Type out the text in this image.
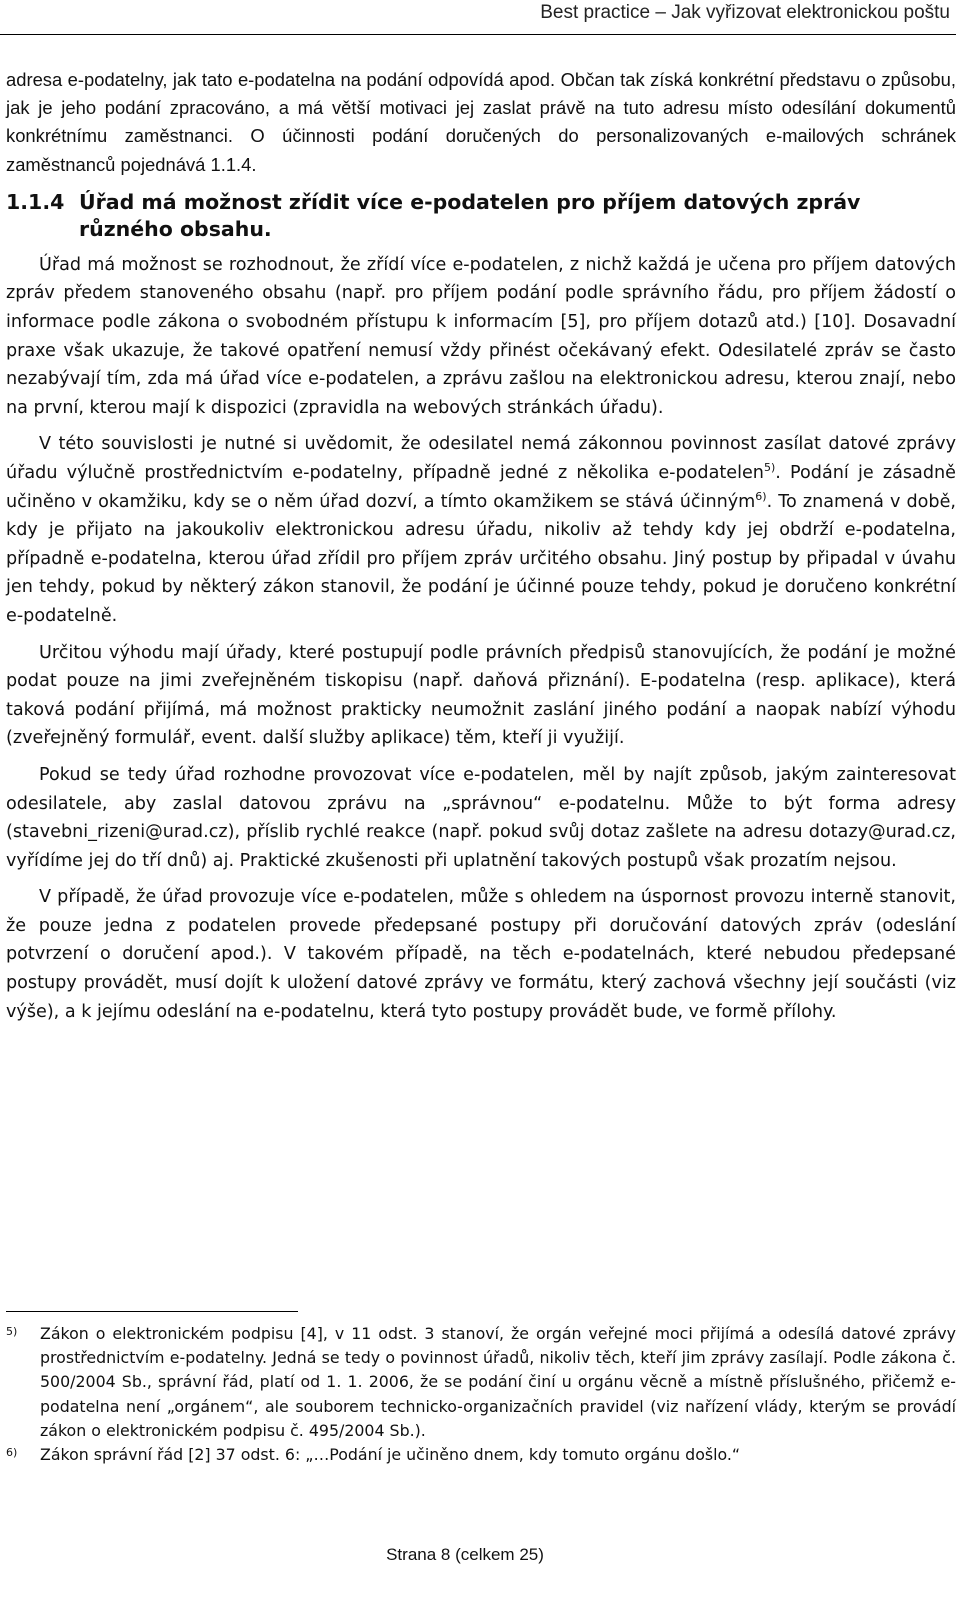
Best practice – Jak vyřizovat elektronickou poštu

adresa e-podatelny, jak tato e-podatelna na podání odpovídá apod. Občan tak získá konkrétní představu o způsobu, jak je jeho podání zpracováno, a má větší motivaci jej zaslat právě na tuto adresu místo odesílání dokumentů konkrétnímu zaměstnanci. O účinnosti podání doručených do personalizovaných e-mailových schránek zaměstnanců pojednává 1.1.4.

1.1.4 Úřad má možnost zřídit více e-podatelen pro příjem datových zpráv různého obsahu.

Úřad má možnost se rozhodnout, že zřídí více e-podatelen, z nichž každá je učena pro příjem datových zpráv předem stanoveného obsahu (např. pro příjem podání podle správního řádu, pro příjem žádostí o informace podle zákona o svobodném přístupu k informacím [5], pro příjem dotazů atd.) [10]. Dosavadní praxe však ukazuje, že takové opatření nemusí vždy přinést očekávaný efekt. Odesilatelé zpráv se často nezabývají tím, zda má úřad více e-podatelen, a zprávu zašlou na elektronickou adresu, kterou znají, nebo na první, kterou mají k dispozici (zpravidla na webových stránkách úřadu).

V této souvislosti je nutné si uvědomit, že odesilatel nemá zákonnou povinnost zasílat datové zprávy úřadu výlučně prostřednictvím e-podatelny, případně jedné z několika e-podatelen$^{5)}$. Podání je zásadně učiněno v okamžiku, kdy se o něm úřad dozví, a tímto okamžikem se stává účinným$^{6)}$. To znamená v době, kdy je přijato na jakoukoliv elektronickou adresu úřadu, nikoliv až tehdy kdy jej obdrží e-podatelna, případně e-podatelna, kterou úřad zřídil pro příjem zpráv určitého obsahu. Jiný postup by připadal v úvahu jen tehdy, pokud by některý zákon stanovil, že podání je účinné pouze tehdy, pokud je doručeno konkrétní e-podatelně.

Určitou výhodu mají úřady, které postupují podle právních předpisů stanovujících, že podání je možné podat pouze na jimi zveřejněném tiskopisu (např. daňová přiznání). E-podatelna (resp. aplikace), která taková podání přijímá, má možnost prakticky neumožnit zaslání jiného podání a naopak nabízí výhodu (zveřejněný formulář, event. další služby aplikace) těm, kteří ji využijí.

Pokud se tedy úřad rozhodne provozovat více e-podatelen, měl by najít způsob, jakým zainteresovat odesilatele, aby zaslal datovou zprávu na „správnou“ e-podatelnu. Může to být forma adresy (stavebni_rizeni@urad.cz), příslib rychlé reakce (např. pokud svůj dotaz zašlete na adresu dotazy@urad.cz, vyřídíme jej do tří dnů) aj. Praktické zkušenosti při uplatnění takových postupů však prozatím nejsou.

V případě, že úřad provozuje více e-podatelen, může s ohledem na úspornost provozu interně stanovit, že pouze jedna z podatelen provede předepsané postupy při doručování datových zpráv (odeslání potvrzení o doručení apod.). V takovém případě, na těch e-podatelnách, které nebudou předepsané postupy provádět, musí dojít k uložení datové zprávy ve formátu, který zachová všechny její součásti (viz výše), a k jejímu odeslání na e-podatelnu, která tyto postupy provádět bude, ve formě přílohy.

5) Zákon o elektronickém podpisu [4], v 11 odst. 3 stanoví, že orgán veřejné moci přijímá a odesílá datové zprávy prostřednictvím e-podatelny. Jedná se tedy o povinnost úřadů, nikoliv těch, kteří jim zprávy zasílají. Podle zákona č. 500/2004 Sb., správní řád, platí od 1. 1. 2006, že se podání činí u orgánu věcně a místně příslušného, přičemž e-podatelna není „orgánem“, ale souborem technicko-organizačních pravidel (viz nařízení vlády, kterým se provádí zákon o elektronickém podpisu č. 495/2004 Sb.).
6) Zákon správní řád [2] 37 odst. 6: „…Podání je učiněno dnem, kdy tomuto orgánu došlo.“
Strana 8 (celkem 25)
